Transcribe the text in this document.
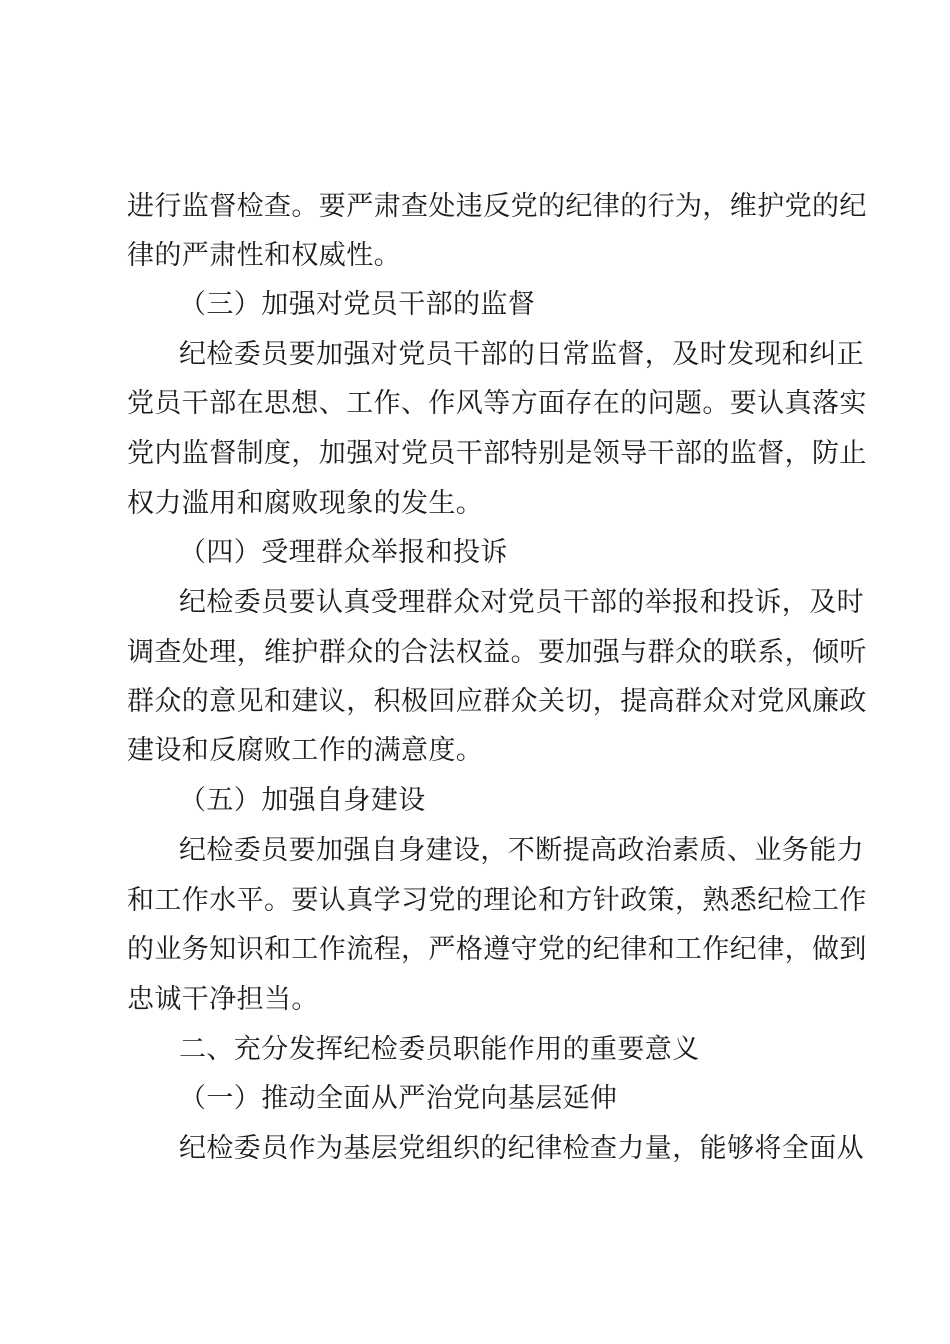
进行监督检查。要严肃查处违反党的纪律的行为，维护党的纪
律的严肃性和权威性。
（三）加强对党员干部的监督
纪检委员要加强对党员干部的日常监督，及时发现和纠正
党员干部在思想、工作、作风等方面存在的问题。要认真落实
党内监督制度，加强对党员干部特别是领导干部的监督，防止
权力滥用和腐败现象的发生。
（四）受理群众举报和投诉
纪检委员要认真受理群众对党员干部的举报和投诉，及时
调查处理，维护群众的合法权益。要加强与群众的联系，倾听
群众的意见和建议，积极回应群众关切，提高群众对党风廉政
建设和反腐败工作的满意度。
（五）加强自身建设
纪检委员要加强自身建设，不断提高政治素质、业务能力
和工作水平。要认真学习党的理论和方针政策，熟悉纪检工作
的业务知识和工作流程，严格遵守党的纪律和工作纪律，做到
忠诚干净担当。
二、充分发挥纪检委员职能作用的重要意义
（一）推动全面从严治党向基层延伸
纪检委员作为基层党组织的纪律检查力量，能够将全面从
